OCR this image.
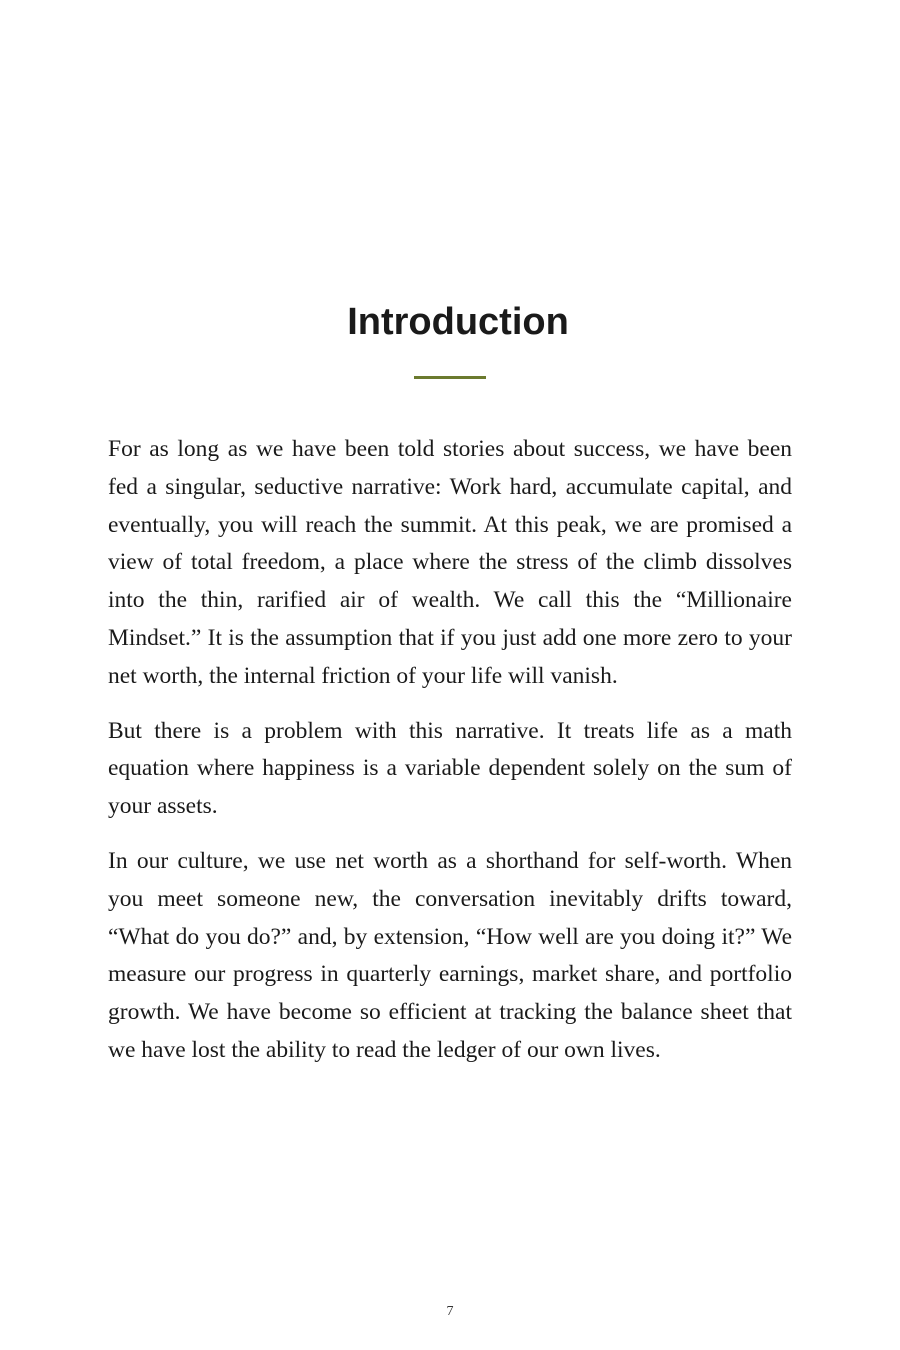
Introduction

For as long as we have been told stories about success, we have been fed a singular, seductive narrative: Work hard, accumulate capital, and eventually, you will reach the summit. At this peak, we are promised a view of total freedom, a place where the stress of the climb dissolves into the thin, rarified air of wealth. We call this the “Millionaire Mindset.” It is the assumption that if you just add one more zero to your net worth, the internal friction of your life will vanish.

But there is a problem with this narrative. It treats life as a math equation where happiness is a variable dependent solely on the sum of your assets.

In our culture, we use net worth as a shorthand for self-worth. When you meet someone new, the conversation inevitably drifts toward, “What do you do?” and, by extension, “How well are you doing it?” We measure our progress in quarterly earnings, market share, and portfolio growth. We have become so efficient at tracking the balance sheet that we have lost the ability to read the ledger of our own lives.

7
